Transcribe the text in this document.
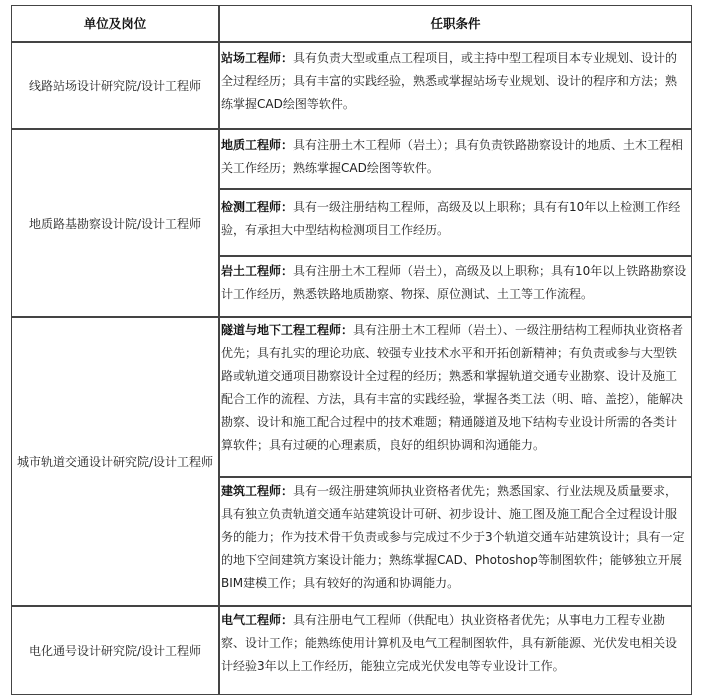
单位及岗位	任职条件
线路站场设计研究院/设计工程师
站场工程师：具有负责大型或重点工程项目，或主持中型工程项目本专业规划、设计的全过程经历；具有丰富的实践经验，熟悉或掌握站场专业规划、设计的程序和方法；熟练掌握CAD绘图等软件。
地质路基勘察设计院/设计工程师
地质工程师：具有注册土木工程师（岩土）；具有负责铁路勘察设计的地质、土木工程相关工作经历；熟练掌握CAD绘图等软件。
检测工程师：具有一级注册结构工程师，高级及以上职称；具有有10年以上检测工作经验，有承担大中型结构检测项目工作经历。
岩土工程师：具有注册土木工程师（岩土），高级及以上职称；具有10年以上铁路勘察设计工作经历，熟悉铁路地质勘察、物探、原位测试、土工等工作流程。
城市轨道交通设计研究院/设计工程师
隧道与地下工程工程师：具有注册土木工程师（岩土）、一级注册结构工程师执业资格者优先；具有扎实的理论功底、较强专业技术水平和开拓创新精神；有负责或参与大型铁路或轨道交通项目勘察设计全过程的经历；熟悉和掌握轨道交通专业勘察、设计及施工配合工作的流程、方法，具有丰富的实践经验，掌握各类工法（明、暗、盖挖），能解决勘察、设计和施工配合过程中的技术难题；精通隧道及地下结构专业设计所需的各类计算软件；具有过硬的心理素质，良好的组织协调和沟通能力。
建筑工程师：具有一级注册建筑师执业资格者优先；熟悉国家、行业法规及质量要求，具有独立负责轨道交通车站建筑设计可研、初步设计、施工图及施工配合全过程设计服务的能力；作为技术骨干负责或参与完成过不少于3个轨道交通车站建筑设计；具有一定的地下空间建筑方案设计能力；熟练掌握CAD、Photoshop等制图软件；能够独立开展BIM建模工作；具有较好的沟通和协调能力。
电化通号设计研究院/设计工程师
电气工程师：具有注册电气工程师（供配电）执业资格者优先；从事电力工程专业勘察、设计工作；能熟练使用计算机及电气工程制图软件，具有新能源、光伏发电相关设计经验3年以上工作经历，能独立完成光伏发电等专业设计工作。
